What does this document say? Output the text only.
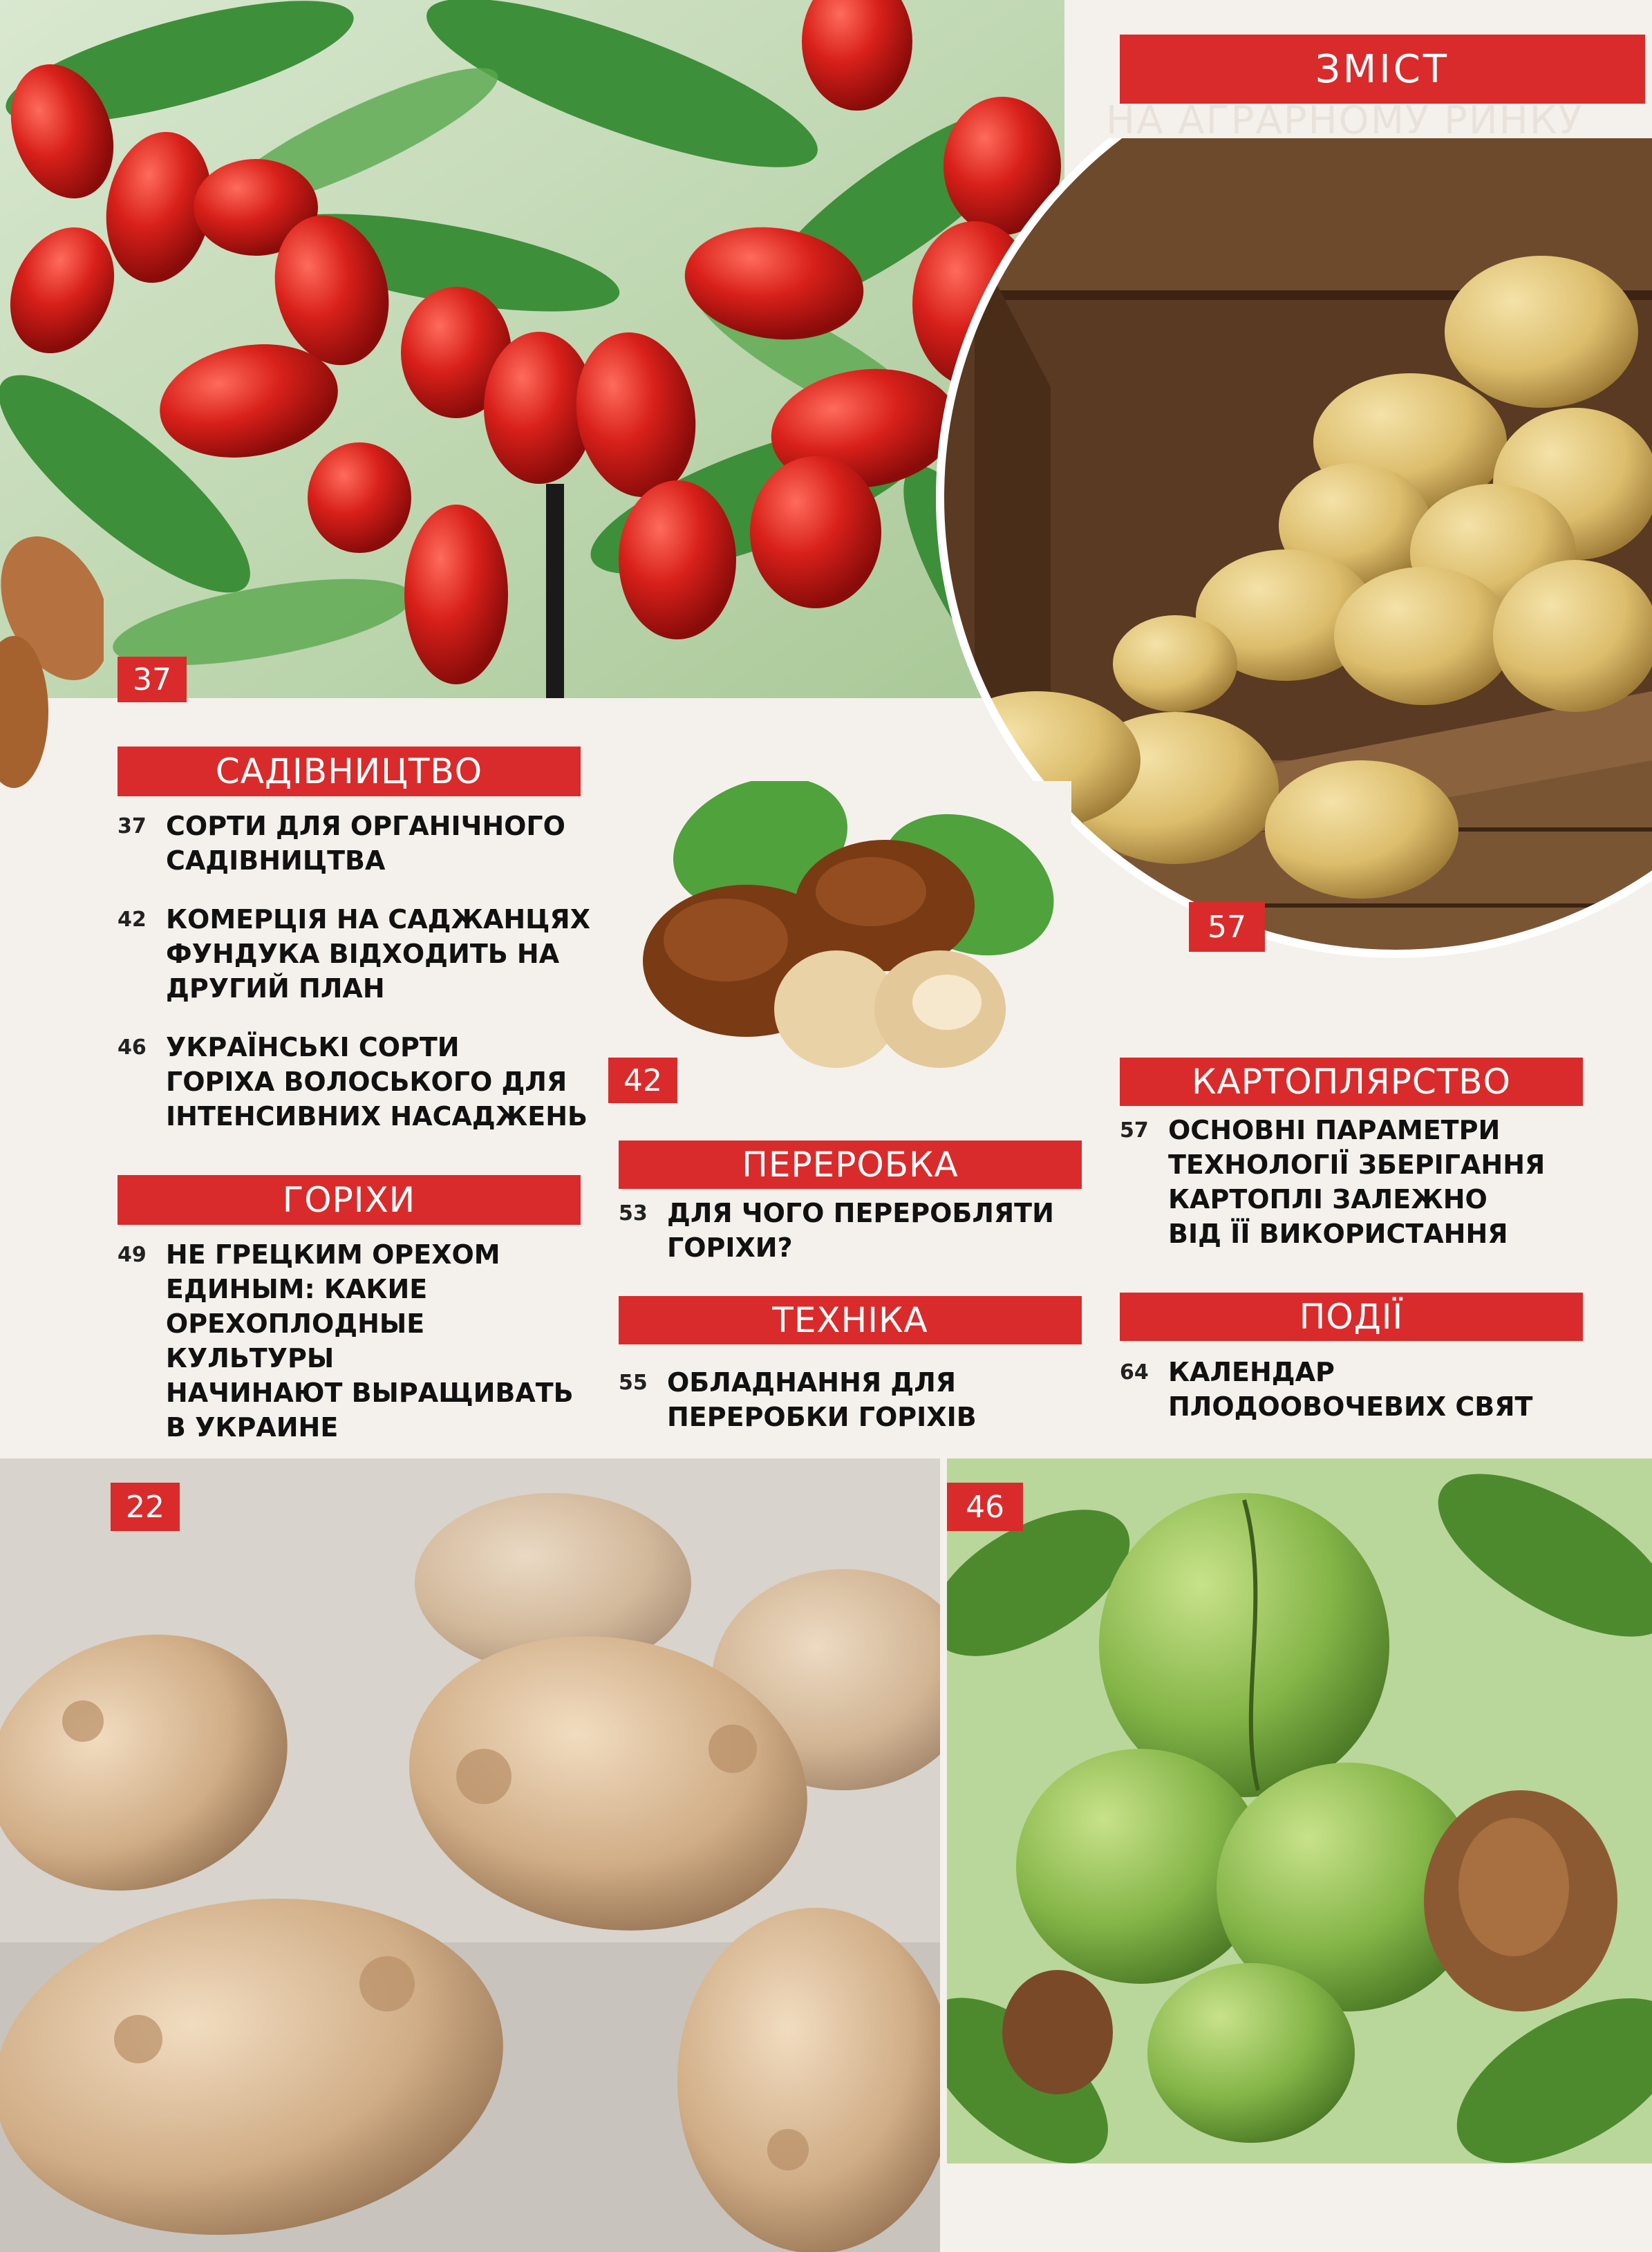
НА АГРАРНОМУ РИНКУ
37
42
57
22	46
ЗМІСТ
САДІВНИЦТВО
37 СОРТИ ДЛЯ ОРГАНІЧНОГО
САДІВНИЦТВА
42 КОМЕРЦІЯ НА САДЖАНЦЯХ
ФУНДУКА ВІДХОДИТЬ НА
ДРУГИЙ ПЛАН
46 УКРАЇНСЬКІ СОРТИ
ГОРІХА ВОЛОСЬКОГО ДЛЯ
ІНТЕНСИВНИХ НАСАДЖЕНЬ
ГОРІХИ
49 НЕ ГРЕЦКИМ ОРЕХОМ
ЕДИНЫМ: КАКИЕ
ОРЕХОПЛОДНЫЕ КУЛЬТУРЫ
НАЧИНАЮТ ВЫРАЩИВАТЬ
В УКРАИНЕ
ПЕРЕРОБКА
53 ДЛЯ ЧОГО ПЕРЕРОБЛЯТИ
ГОРІХИ?
ТЕХНІКА
55 ОБЛАДНАННЯ ДЛЯ
ПЕРЕРОБКИ ГОРІХІВ
КАРТОПЛЯРСТВО
57 ОСНОВНІ ПАРАМЕТРИ
ТЕХНОЛОГІЇ ЗБЕРІГАННЯ
КАРТОПЛІ ЗАЛЕЖНО
ВІД ЇЇ ВИКОРИСТАННЯ
ПОДІЇ
64 КАЛЕНДАР
ПЛОДООВОЧЕВИХ СВЯТ
